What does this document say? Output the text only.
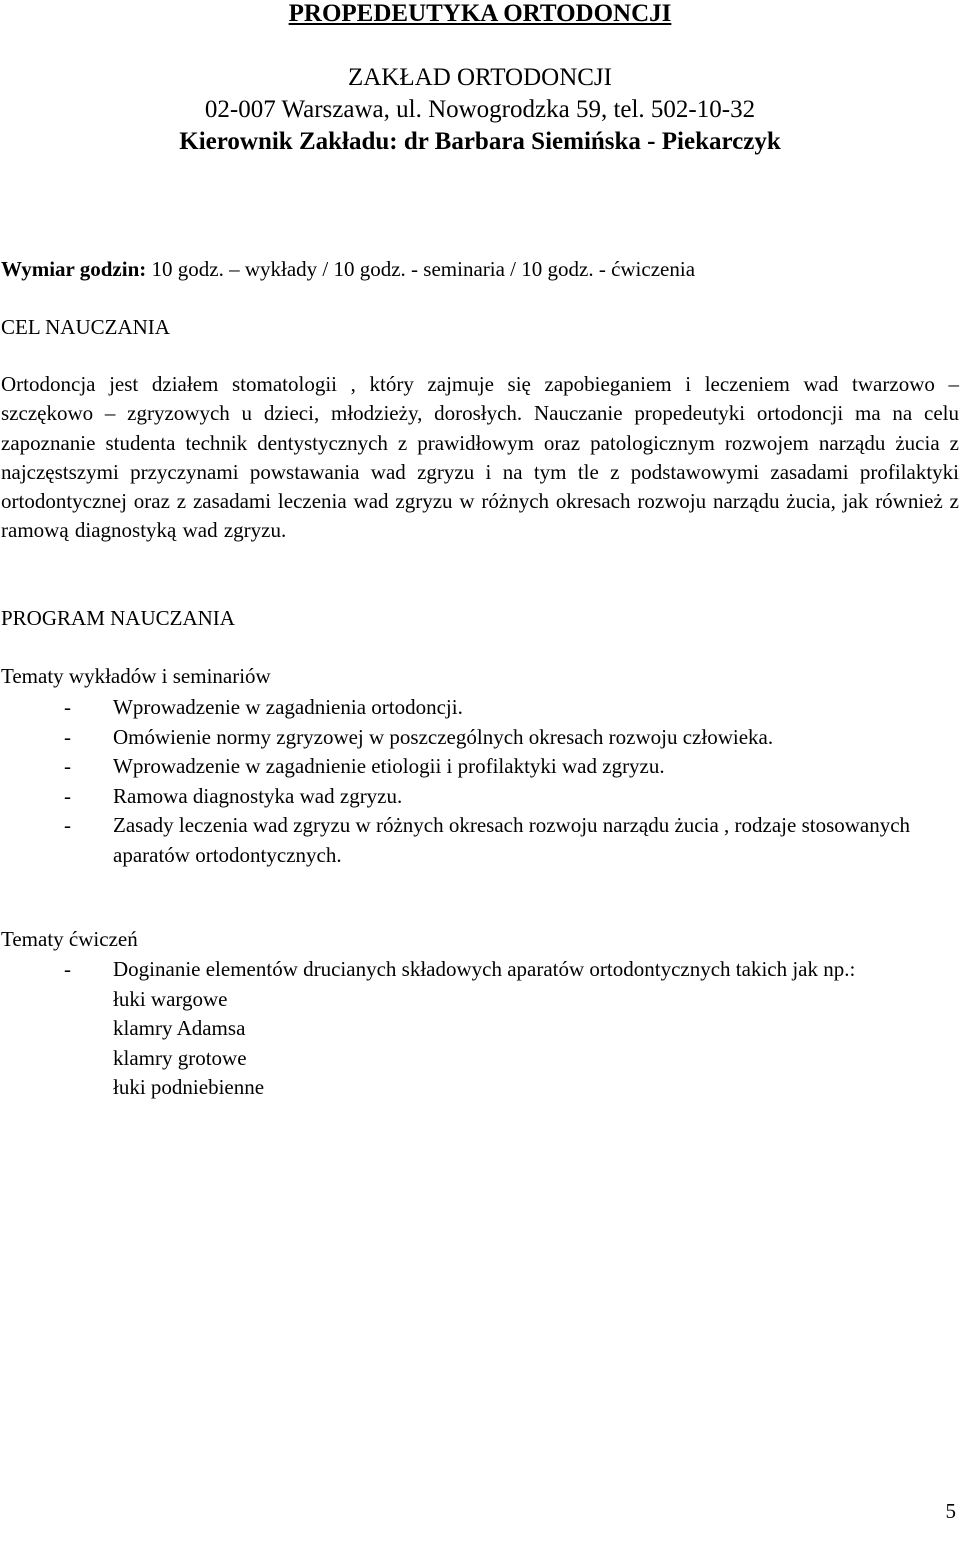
PROPEDEUTYKA ORTODONCJI
ZAKŁAD ORTODONCJI
02-007 Warszawa, ul. Nowogrodzka 59, tel. 502-10-32
Kierownik Zakładu: dr Barbara Siemińska - Piekarczyk
Wymiar godzin: 10 godz. – wykłady / 10 godz. - seminaria / 10 godz. - ćwiczenia
CEL NAUCZANIA
Ortodoncja jest działem stomatologii , który zajmuje się zapobieganiem i leczeniem wad twarzowo – szczękowo – zgryzowych u dzieci, młodzieży, dorosłych. Nauczanie propedeutyki ortodoncji ma na celu zapoznanie studenta technik dentystycznych z prawidłowym oraz patologicznym rozwojem narządu żucia z najczęstszymi przyczynami powstawania wad zgryzu i na tym tle z podstawowymi zasadami profilaktyki ortodontycznej oraz z zasadami leczenia wad zgryzu w różnych okresach rozwoju narządu żucia, jak również z ramową diagnostyką wad zgryzu.
PROGRAM NAUCZANIA
Tematy wykładów i seminariów
- Wprowadzenie w zagadnienia ortodoncji.
- Omówienie normy zgryzowej w poszczególnych okresach rozwoju człowieka.
- Wprowadzenie w zagadnienie etiologii i profilaktyki wad zgryzu.
- Ramowa diagnostyka wad zgryzu.
- Zasady leczenia wad zgryzu w różnych okresach rozwoju narządu żucia , rodzaje stosowanych aparatów ortodontycznych.
Tematy ćwiczeń
- Doginanie elementów drucianych składowych aparatów ortodontycznych takich jak np.:
łuki wargowe
klamry Adamsa
klamry grotowe
łuki podniebienne
5
